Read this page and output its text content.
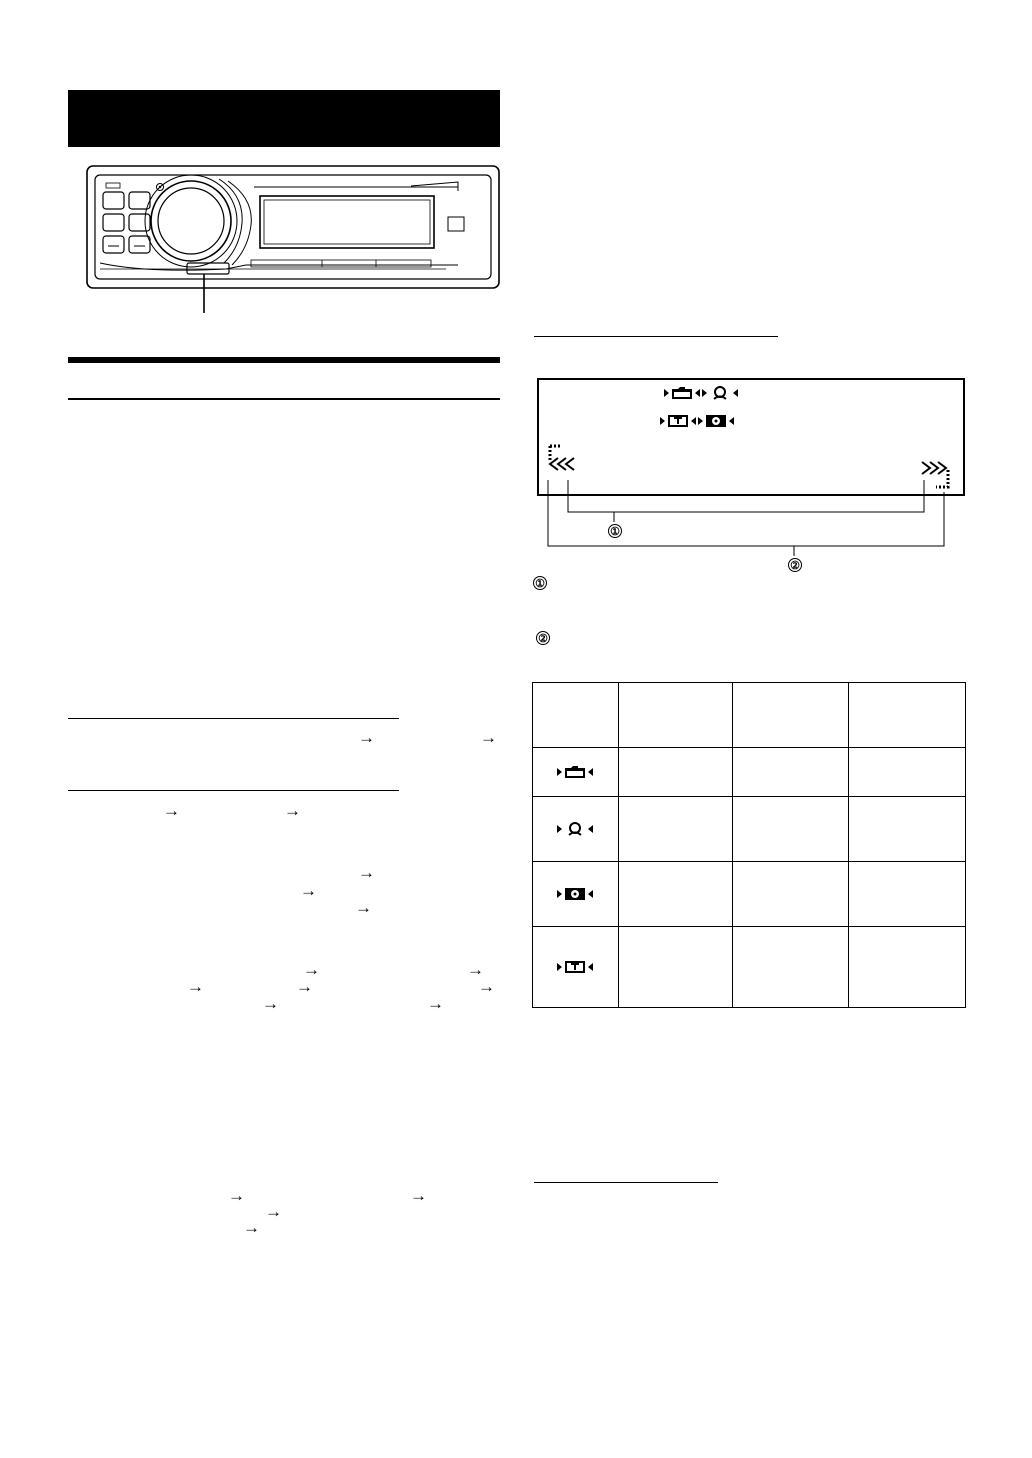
→	→
→	→
→
→
→
→	→
→	→	→
→	→
→	→
→
→
①
②
①
②
